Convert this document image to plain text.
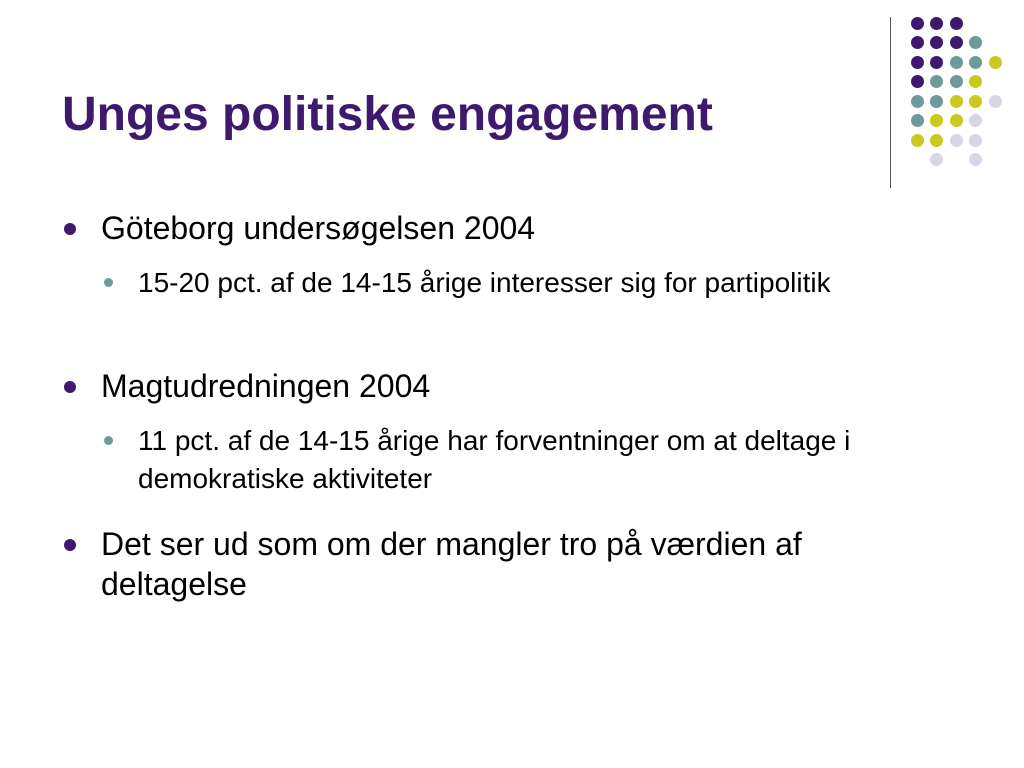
Unges politiske engagement
Göteborg undersøgelsen 2004
15-20 pct. af de 14-15 årige interesser sig for partipolitik
Magtudredningen 2004
11 pct. af de 14-15 årige har forventninger om at deltage i demokratiske aktiviteter
Det ser ud som om der mangler tro på værdien af deltagelse
